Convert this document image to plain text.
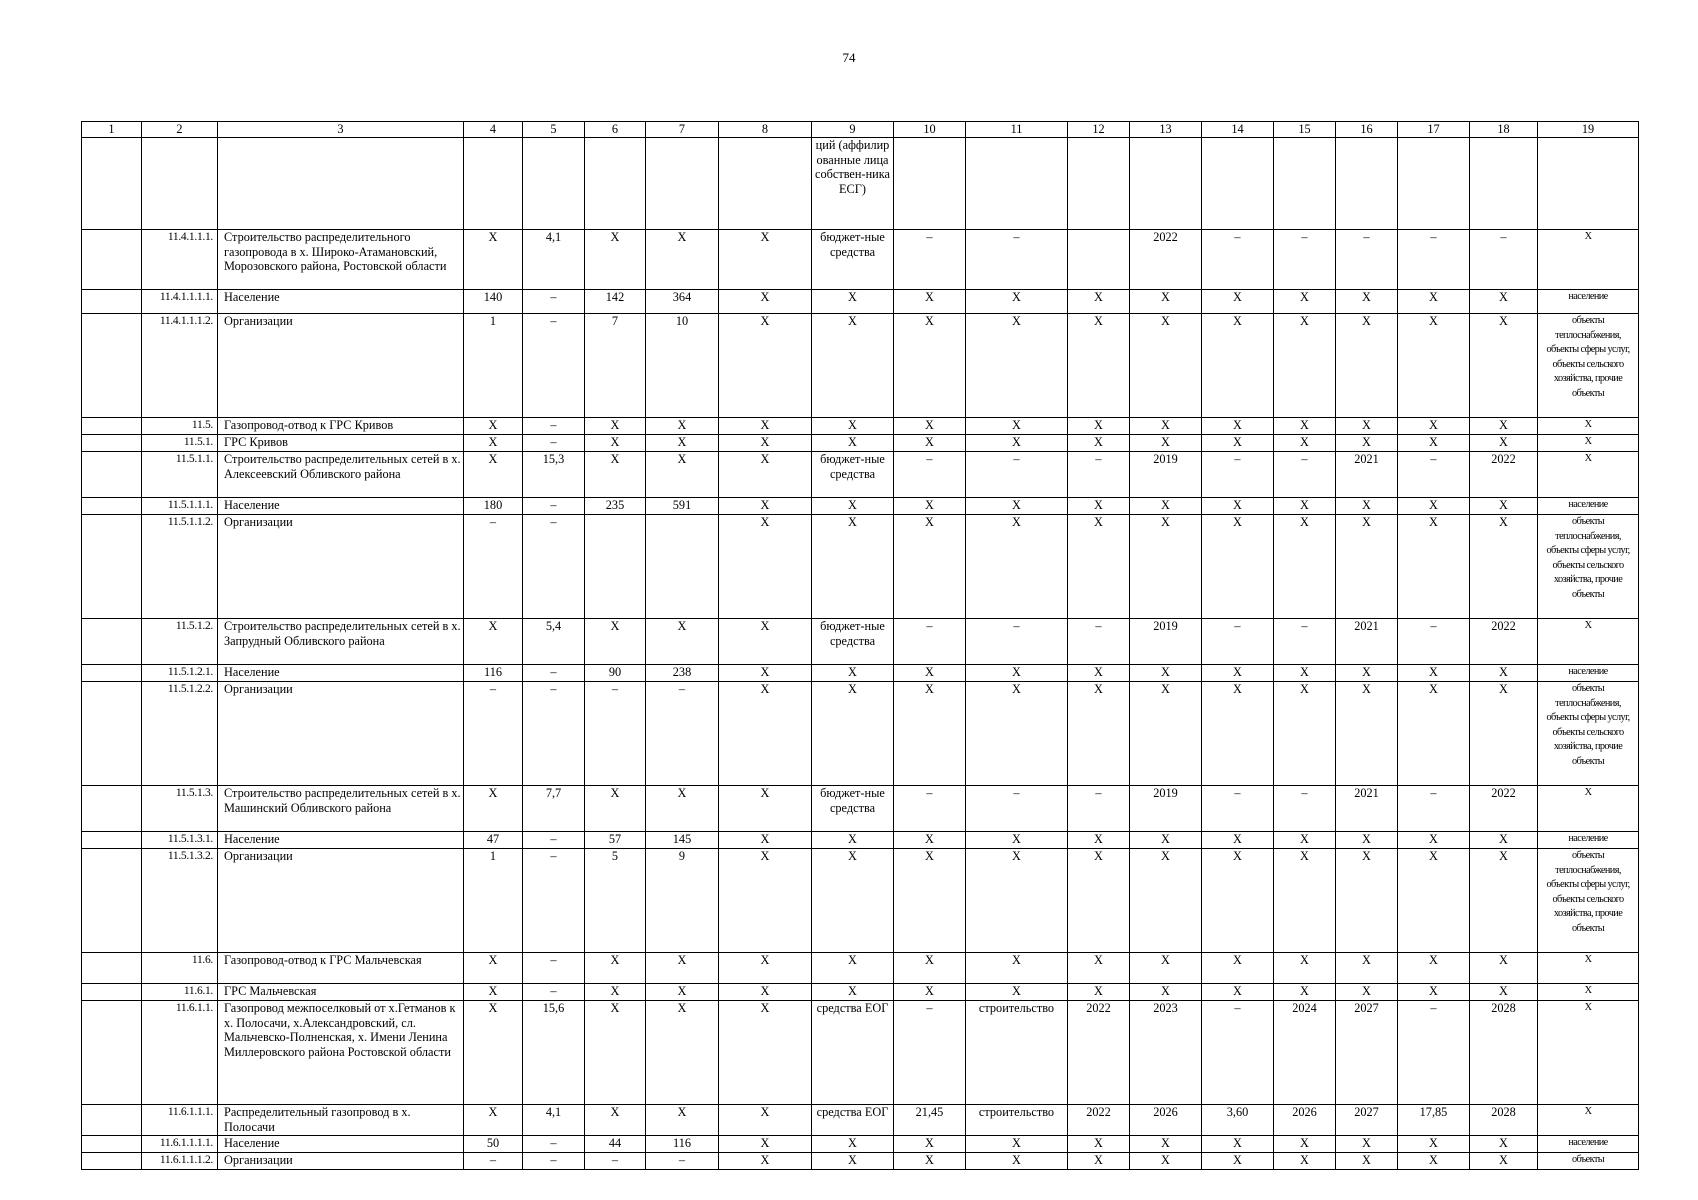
74
1	2	3	4	5	6	7	8	9	10	11	12	13	14	15	16	17	18	19
								ций (аффилир ованные лица собствен-ника ЕСГ)										
	11.4.1.1.1.	Строительство распределительного газопровода в х. Широко-Атамановский, Морозовского района, Ростовской области	X	4,1	X	X	X	бюджет-ные средства	–	–		2022	–	–	–	–	–	X
	11.4.1.1.1.1.	Население	140	–	142	364	X	X	X	X	X	X	X	X	X	X	X	население
	11.4.1.1.1.2.	Организации	1	–	7	10	X	X	X	X	X	X	X	X	X	X	X	объекты теплоснабжения, объекты сферы услуг, объекты сельского хозяйства, прочие объекты
	11.5.	Газопровод-отвод к ГРС Кривов	X	–	X	X	X	X	X	X	X	X	X	X	X	X	X	X
	11.5.1.	ГРС Кривов	X	–	X	X	X	X	X	X	X	X	X	X	X	X	X	X
	11.5.1.1.	Строительство распределительных сетей в х. Алексеевский Обливского района	X	15,3	X	X	X	бюджет-ные средства	–	–	–	2019	–	–	2021	–	2022	X
	11.5.1.1.1.	Население	180	–	235	591	X	X	X	X	X	X	X	X	X	X	X	население
	11.5.1.1.2.	Организации	–	–			X	X	X	X	X	X	X	X	X	X	X	объекты теплоснабжения, объекты сферы услуг, объекты сельского хозяйства, прочие объекты
	11.5.1.2.	Строительство распределительных сетей в х. Запрудный Обливского района	X	5,4	X	X	X	бюджет-ные средства	–	–	–	2019	–	–	2021	–	2022	X
	11.5.1.2.1.	Население	116	–	90	238	X	X	X	X	X	X	X	X	X	X	X	население
	11.5.1.2.2.	Организации	–	–	–	–	X	X	X	X	X	X	X	X	X	X	X	объекты теплоснабжения, объекты сферы услуг, объекты сельского хозяйства, прочие объекты
	11.5.1.3.	Строительство распределительных сетей в х. Машинский Обливского района	X	7,7	X	X	X	бюджет-ные средства	–	–	–	2019	–	–	2021	–	2022	X
	11.5.1.3.1.	Население	47	–	57	145	X	X	X	X	X	X	X	X	X	X	X	население
	11.5.1.3.2.	Организации	1	–	5	9	X	X	X	X	X	X	X	X	X	X	X	объекты теплоснабжения, объекты сферы услуг, объекты сельского хозяйства, прочие объекты
	11.6.	Газопровод-отвод к ГРС Мальчевская	X	–	X	X	X	X	X	X	X	X	X	X	X	X	X	X
	11.6.1.	ГРС Мальчевская	X	–	X	X	X	X	X	X	X	X	X	X	X	X	X	X
	11.6.1.1.	Газопровод межпоселковый от х.Гетманов к х. Полосачи, х.Александровский, сл. Мальчевско-Полненская, х. Имени Ленина Миллеровского района Ростовской области	X	15,6	X	X	X	средства ЕОГ	–	строительство	2022	2023	–	2024	2027	–	2028	X
	11.6.1.1.1.	Распределительный газопровод в х. Полосачи	X	4,1	X	X	X	средства ЕОГ	21,45	строительство	2022	2026	3,60	2026	2027	17,85	2028	X
	11.6.1.1.1.1.	Население	50	–	44	116	X	X	X	X	X	X	X	X	X	X	X	население
	11.6.1.1.1.2.	Организации	–	–	–	–	X	X	X	X	X	X	X	X	X	X	X	объекты
